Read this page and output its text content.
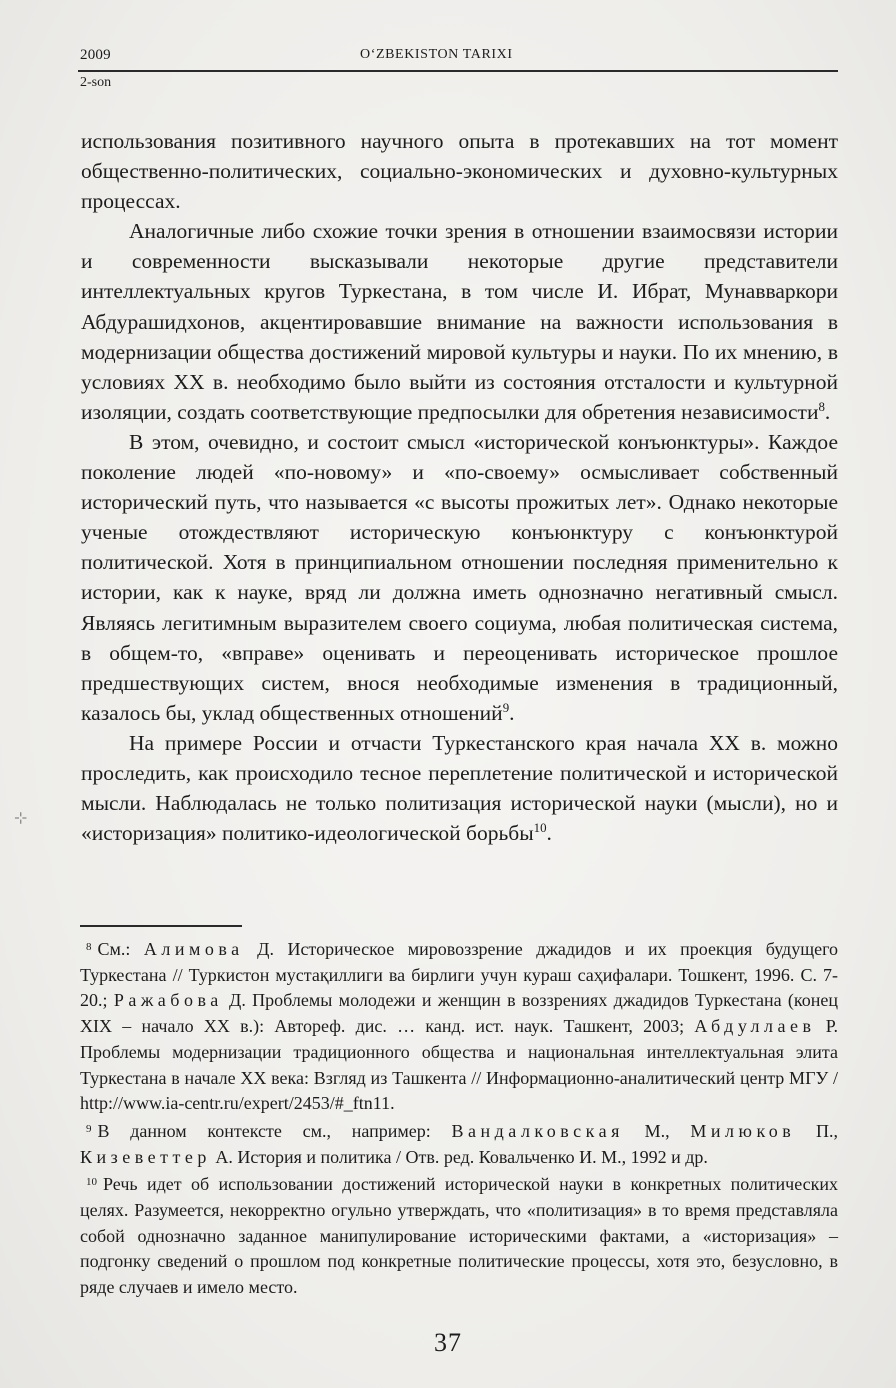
2009	O‘ZBEKISTON TARIXI
2-son
⊹

использования позитивного научного опыта в протекавших на тот момент общественно-политических, социально-экономических и духовно-культурных процессах.

Аналогичные либо схожие точки зрения в отношении взаимосвязи истории и современности высказывали некоторые другие представители интеллектуальных кругов Туркестана, в том числе И. Ибрат, Мунавваркори Абдурашидхонов, акцентировавшие внимание на важности использования в модернизации общества достижений мировой культуры и науки. По их мнению, в условиях XX в. необходимо было выйти из состояния отсталости и культурной изоляции, создать соответствующие предпосылки для обретения независимости$^8$.

В этом, очевидно, и состоит смысл «исторической конъюнктуры». Каждое поколение людей «по-новому» и «по-своему» осмысливает собственный исторический путь, что называется «с высоты прожитых лет». Однако некоторые ученые отождествляют историческую конъюнктуру с конъюнктурой политической. Хотя в принципиальном отношении последняя применительно к истории, как к науке, вряд ли должна иметь однозначно негативный смысл. Являясь легитимным выразителем своего социума, любая политическая система, в общем-то, «вправе» оценивать и переоценивать историческое прошлое предшествующих систем, внося необходимые изменения в традиционный, казалось бы, уклад общественных отношений$^9$.

На примере России и отчасти Туркестанского края начала XX в. можно проследить, как происходило тесное переплетение политической и исторической мысли. Наблюдалась не только политизация исторической науки (мысли), но и «историзация» политико-идеологической борьбы$^{10}$.

$^8$ См.: Алимова Д. Историческое мировоззрение джадидов и их проекция будущего Туркестана // Туркистон мустақиллиги ва бирлиги учун кураш саҳифалари. Тошкент, 1996. С. 7-20.; Ражабова Д. Проблемы молодежи и женщин в воззрениях джадидов Туркестана (конец XIX – начало XX в.): Автореф. дис. … канд. ист. наук. Ташкент, 2003; Абдуллаев Р. Проблемы модернизации традиционного общества и национальная интеллектуальная элита Туркестана в начале XX века: Взгляд из Ташкента // Информационно-аналитический центр МГУ / http://www.ia-centr.ru/expert/2453/#_ftn11.

$^9$ В данном контексте см., например: Вандалковская М., Милюков П., Кизеветтер А. История и политика / Отв. ред. Ковальченко И. М., 1992 и др.

$^{10}$ Речь идет об использовании достижений исторической науки в конкретных политических целях. Разумеется, некорректно огульно утверждать, что «политизация» в то время представляла собой однозначно заданное манипулирование историческими фактами, а «историзация» – подгонку сведений о прошлом под конкретные политические процессы, хотя это, безусловно, в ряде случаев и имело место.

37
